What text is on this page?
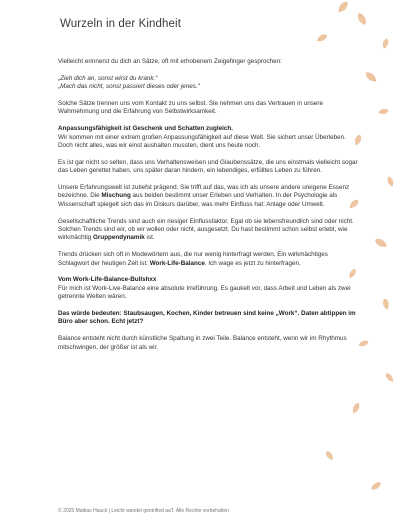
Wurzeln in der Kindheit

Vielleicht erinnerst du dich an Sätze, oft mit erhobenem Zeigefinger gesprochen:

„Zieh dich an, sonst wirst du krank.“

„Mach das nicht, sonst passiert dieses oder jenes.“

Solche Sätze trennen uns vom Kontakt zu uns selbst. Sie nehmen uns das Vertrauen in unsere Wahrnehmung und die Erfahrung von Selbstwirksamkeit.

Anpassungsfähigkeit ist Geschenk und Schatten zugleich.

Wir kommen mit einer extrem großen Anpassungsfähigkeit auf diese Welt. Sie sichert unser Überleben. Doch nicht alles, was wir einst aushalten mussten, dient uns heute noch.

Es ist gar nicht so selten, dass uns Verhaltensweisen und Glaubenssätze, die uns einstmals vielleicht sogar das Leben gerettet haben, uns später daran hindern, ein lebendiges, erfülltes Leben zu führen.

Unsere Erfahrungswelt ist zutiefst prägend. Sie trifft auf das, was ich als unsere andere ureigene Essenz bezeichne. Die Mischung aus beiden bestimmt unser Erleben und Verhalten. In der Psychologie als Wissenschaft spiegelt sich das im Diskurs darüber, was mehr Einfluss hat: Anlage oder Umwelt.

Gesellschaftliche Trends sind auch ein riesiger Einflussfaktor. Egal ob sie lebensfreundlich sind oder nicht. Solchen Trends sind wir, ob wir wollen oder nicht, ausgesetzt. Du hast bestimmt schon selbst erlebt, wie wirkmächtig Gruppendynamik ist.

Trends drücken sich oft in Modewörtern aus, die nur wenig hinterfragt werden. Ein wirkmächtiges Schlagwort der heutigen Zeit ist: Work-Life-Balance. Ich wage es jetzt zu hinterfragen.

Vom Work-Life-Balance-Bullshxx

Für mich ist Work-Live-Balance eine absolute Irreführung. Es gaukelt vor, dass Arbeit und Leben als zwei getrennte Welten wären.

Das würde bedeuten: Staubsaugen, Kochen, Kinder betreuen sind keine „Work“. Daten abtippen im Büro aber schon. Echt jetzt?

Balance entsteht nicht durch künstliche Spaltung in zwei Teile. Balance entsteht, wenn wir im Rhythmus mitschwingen, der größer ist als wir.

© 2025 Mattias Hauck | Leicht wandel gentrified aaT. Alle Rechte vorbehalten
